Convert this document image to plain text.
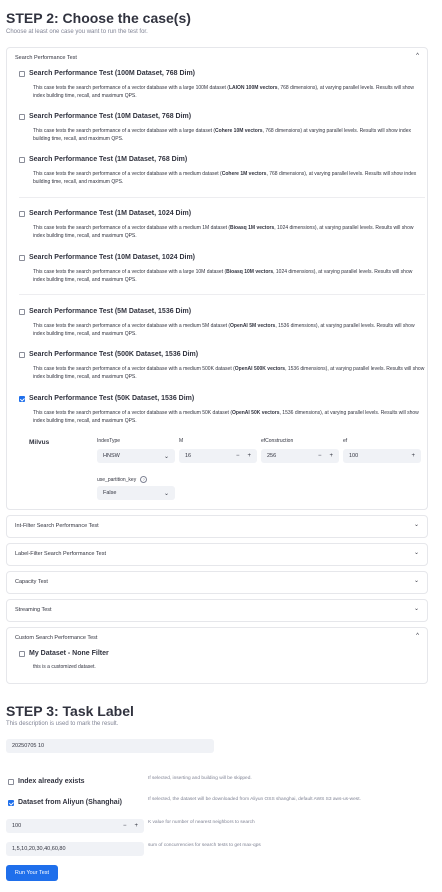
STEP 2: Choose the case(s)
Choose at least one case you want to run the test for.
Search Performance Test	^
Search Performance Test (100M Dataset, 768 Dim)
This case tests the search performance of a vector database with a large 100M dataset (LAION 100M vectors, 768 dimensions), at varying parallel levels. Results will show index building time, recall, and maximum QPS.
Search Performance Test (10M Dataset, 768 Dim)
This case tests the search performance of a vector database with a large dataset (Cohere 10M vectors, 768 dimensions) at varying parallel levels. Results will show index building time, recall, and maximum QPS.
Search Performance Test (1M Dataset, 768 Dim)
This case tests the search performance of a vector database with a medium dataset (Cohere 1M vectors, 768 dimensions), at varying parallel levels. Results will show index building time, recall, and maximum QPS.
Search Performance Test (1M Dataset, 1024 Dim)
This case tests the search performance of a vector database with a medium 1M dataset (Bioasq 1M vectors, 1024 dimensions), at varying parallel levels. Results will show index building time, recall, and maximum QPS.
Search Performance Test (10M Dataset, 1024 Dim)
This case tests the search performance of a vector database with a large 10M dataset (Bioasq 10M vectors, 1024 dimensions), at varying parallel levels. Results will show index building time, recall, and maximum QPS.
Search Performance Test (5M Dataset, 1536 Dim)
This case tests the search performance of a vector database with a medium 5M dataset (OpenAI 5M vectors, 1536 dimensions), at varying parallel levels. Results will show index building time, recall, and maximum QPS.
Search Performance Test (500K Dataset, 1536 Dim)
This case tests the search performance of a vector database with a medium 500K dataset (OpenAI 500K vectors, 1536 dimensions), at varying parallel levels. Results will show index building time, recall, and maximum QPS.
Search Performance Test (50K Dataset, 1536 Dim)
This case tests the search performance of a vector database with a medium 50K dataset (OpenAI 50K vectors, 1536 dimensions), at varying parallel levels. Results will show index building time, recall, and maximum QPS.
Milvus	IndexType
HNSW	⌄
M
16	− +
efConstruction
256	− +
ef
100	+
use_partition_key ?
False	⌄
Int-Filter Search Performance Test	⌄
Label-Filter Search Performance Test	⌄
Capacity Test	⌄
Streaming Test	⌄
Custom Search Performance Test	^
My Dataset - None Filter
this is a customized dataset.
STEP 3: Task Label
This description is used to mark the result.
20250705 10
Index already exists	If selected, inserting and building will be skipped.
Dataset from Aliyun (Shanghai)	If selected, the dataset will be downloaded from Aliyun OSS shanghai, default AWS S3 aws-us-west.
100	− +
K value for number of nearest neighbors to search
1,5,10,20,30,40,60,80
sum of concurrencies for search tests to get max-qps
Run Your Test
